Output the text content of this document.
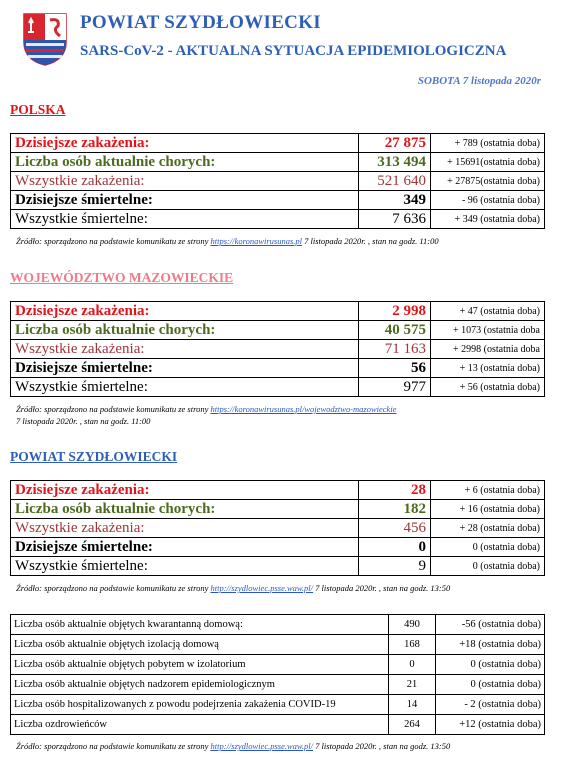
POWIAT SZYDŁOWIECKI
SARS-CoV-2 - AKTUALNA SYTUACJA EPIDEMIOLOGICZNA
SOBOTA 7 listopada 2020r
POLSKA
Dzisiejsze zakażenia:	27 875	+ 789 (ostatnia doba)
Liczba osób aktualnie chorych:	313 494	+ 15691(ostatnia doba)
Wszystkie zakażenia:	521 640	+ 27875(ostatnia doba)
Dzisiejsze śmiertelne:	349	- 96 (ostatnia doba)
Wszystkie śmiertelne:	7 636	+ 349 (ostatnia doba)
Źródło: sporządzono na podstawie komunikatu ze strony https://koronawirusunas.pl 7 listopada 2020r. , stan na godz. 11:00
WOJEWÓDZTWO MAZOWIECKIE
Dzisiejsze zakażenia:	2 998	+ 47 (ostatnia doba)
Liczba osób aktualnie chorych:	40 575	+ 1073 (ostatnia doba
Wszystkie zakażenia:	71 163	+ 2998 (ostatnia doba
Dzisiejsze śmiertelne:	56	+ 13 (ostatnia doba)
Wszystkie śmiertelne:	977	+ 56 (ostatnia doba)
Źródło: sporządzono na podstawie komunikatu ze strony https://koronawirusunas.pl/wojewodztwo-mazowieckie
7 listopada 2020r. , stan na godz. 11:00
POWIAT SZYDŁOWIECKI
Dzisiejsze zakażenia:	28	+ 6 (ostatnia doba)
Liczba osób aktualnie chorych:	182	+ 16 (ostatnia doba)
Wszystkie zakażenia:	456	+ 28 (ostatnia doba)
Dzisiejsze śmiertelne:	0	0 (ostatnia doba)
Wszystkie śmiertelne:	9	0 (ostatnia doba)
Źródło: sporządzono na podstawie komunikatu ze strony http://szydlowiec.psse.waw.pl/ 7 listopada 2020r. , stan na godz. 13:50
Liczba osób aktualnie objętych kwarantanną domową:	490	-56 (ostatnia doba)
Liczba osób aktualnie objętych izolacją domową	168	+18 (ostatnia doba)
Liczba osób aktualnie objętych pobytem w izolatorium	0	0 (ostatnia doba)
Liczba osób aktualnie objętych nadzorem epidemiologicznym	21	0 (ostatnia doba)
Liczba osób hospitalizowanych z powodu podejrzenia zakażenia COVID-19	14	- 2 (ostatnia doba)
Liczba ozdrowieńców	264	+12 (ostatnia doba)
Źródło: sporządzono na podstawie komunikatu ze strony http://szydlowiec.psse.waw.pl/ 7 listopada 2020r. , stan na godz. 13:50
